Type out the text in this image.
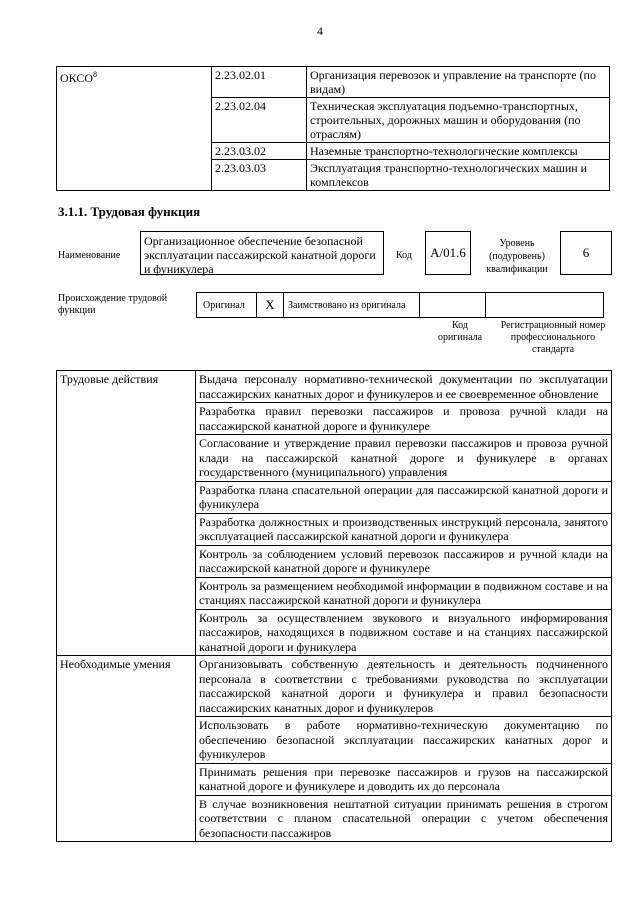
4
ОКСО$^8$	2.23.02.01	Организация перевозок и управление на транспорте (по видам)
	2.23.02.04	Техническая эксплуатация подъемно-транспортных, строительных, дорожных машин и оборудования (по отраслям)
	2.23.03.02	Наземные транспортно-технологические комплексы
	2.23.03.03	Эксплуатация транспортно-технологических машин и комплексов
3.1.1. Трудовая функция
Наименование
Организационное обеспечение безопасной эксплуатации пассажирской канатной дороги и фуникулера
Код	А/01.6
Уровень (подуровень) квалификации
6
Происхождение трудовой функции	Оригинал	X	Заимствовано из оригинала
Код оригинала
Регистрационный номер профессионального стандарта
Трудовые действия	Выдача персоналу нормативно-технической документации по эксплуатации пассажирских канатных дорог и фуникулеров и ее своевременное обновление
	Разработка правил перевозки пассажиров и провоза ручной клади на пассажирской канатной дороге и фуникулере
	Согласование и утверждение правил перевозки пассажиров и провоза ручной клади на пассажирской канатной дороге и фуникулере в органах государственного (муниципального) управления
	Разработка плана спасательной операции для пассажирской канатной дороги и фуникулера
	Разработка должностных и производственных инструкций персонала, занятого эксплуатацией пассажирской канатной дороги и фуникулера
	Контроль за соблюдением условий перевозок пассажиров и ручной клади на пассажирской канатной дороге и фуникулере
	Контроль за размещением необходимой информации в подвижном составе и на станциях пассажирской канатной дороги и фуникулера
	Контроль за осуществлением звукового и визуального информирования пассажиров, находящихся в подвижном составе и на станциях пассажирской канатной дороги и фуникулера
Необходимые умения	Организовывать собственную деятельность и деятельность подчиненного персонала в соответствии с требованиями руководства по эксплуатации пассажирской канатной дороги и фуникулера и правил безопасности пассажирских канатных дорог и фуникулеров
	Использовать в работе нормативно-техническую документацию по обеспечению безопасной эксплуатации пассажирских канатных дорог и фуникулеров
	Принимать решения при перевозке пассажиров и грузов на пассажирской канатной дороге и фуникулере и доводить их до персонала
	В случае возникновения нештатной ситуации принимать решения в строгом соответствии с планом спасательной операции с учетом обеспечения безопасности пассажиров
